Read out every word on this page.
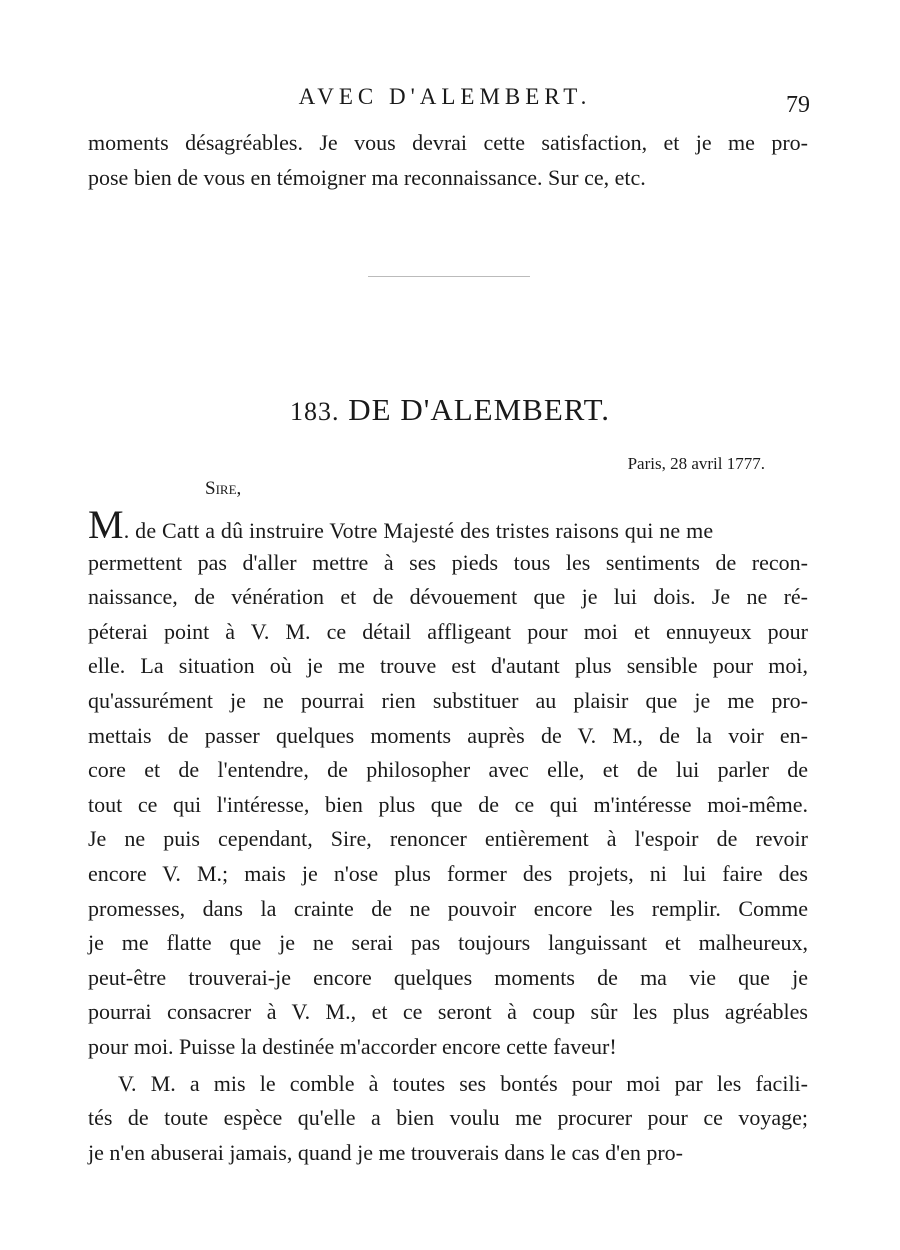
AVEC D'ALEMBERT.	79
moments désagréables. Je vous devrai cette satisfaction, et je me pro-
pose bien de vous en témoigner ma reconnaissance. Sur ce, etc.
183. DE D'ALEMBERT.
Paris, 28 avril 1777.
Sire,
M. de Catt a dû instruire Votre Majesté des tristes raisons qui ne me
permettent pas d'aller mettre à ses pieds tous les sentiments de recon-
naissance, de vénération et de dévouement que je lui dois. Je ne ré-
péterai point à V. M. ce détail affligeant pour moi et ennuyeux pour
elle. La situation où je me trouve est d'autant plus sensible pour moi,
qu'assurément je ne pourrai rien substituer au plaisir que je me pro-
mettais de passer quelques moments auprès de V. M., de la voir en-
core et de l'entendre, de philosopher avec elle, et de lui parler de
tout ce qui l'intéresse, bien plus que de ce qui m'intéresse moi-même.
Je ne puis cependant, Sire, renoncer entièrement à l'espoir de revoir
encore V. M.; mais je n'ose plus former des projets, ni lui faire des
promesses, dans la crainte de ne pouvoir encore les remplir. Comme
je me flatte que je ne serai pas toujours languissant et malheureux,
peut-être trouverai-je encore quelques moments de ma vie que je
pourrai consacrer à V. M., et ce seront à coup sûr les plus agréables
pour moi. Puisse la destinée m'accorder encore cette faveur!
V. M. a mis le comble à toutes ses bontés pour moi par les facili-
tés de toute espèce qu'elle a bien voulu me procurer pour ce voyage;
je n'en abuserai jamais, quand je me trouverais dans le cas d'en pro-
